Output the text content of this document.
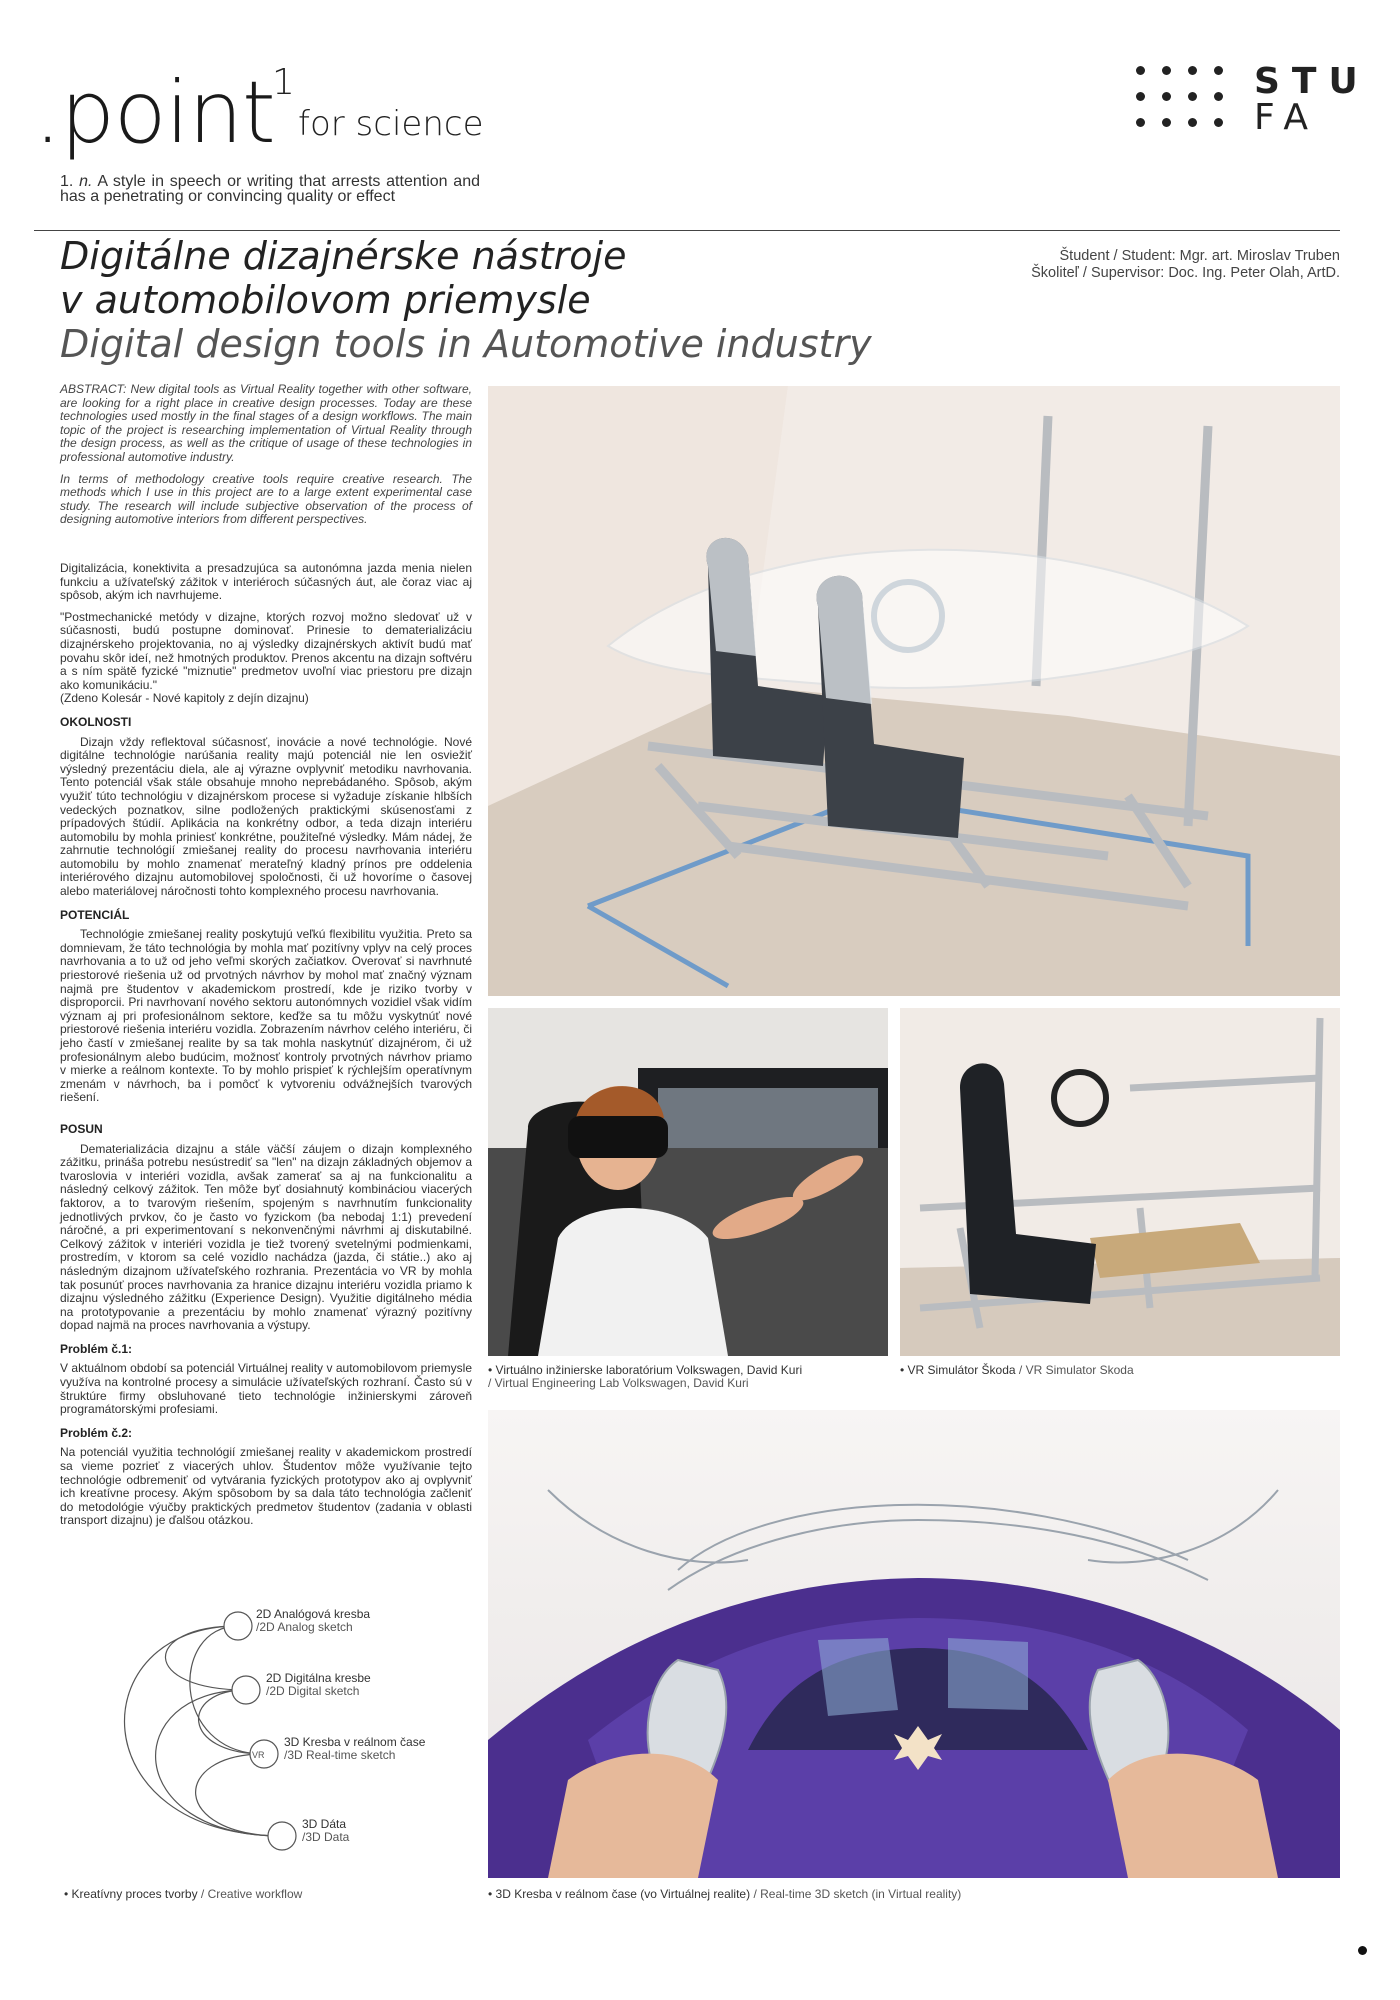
.point
1
for science
1. n. A style in speech or writing that arrests attention and has a penetrating or convincing quality or effect
STU
FA
Digitálne dizajnérske nástroje
v automobilovom priemysle
Digital design tools in Automotive industry
Študent / Student: Mgr. art. Miroslav Truben
Školiteľ / Supervisor: Doc. Ing. Peter Olah, ArtD.

ABSTRACT: New digital tools as Virtual Reality together with other software, are looking for a right place in creative design processes. Today are these technologies used mostly in the final stages of a design workflows. The main topic of the project is researching implementation of Virtual Reality through the design process, as well as the critique of usage of these technologies in professional automotive industry.

In terms of methodology creative tools require creative research. The methods which I use in this project are to a large extent experimental case study. The research will include subjective observation of the process of designing automotive interiors from different perspectives.

Digitalizácia, konektivita a presadzujúca sa autonómna jazda menia nielen funkciu a užívateľský zážitok v interiéroch súčasných áut, ale čoraz viac aj spôsob, akým ich navrhujeme.

"Postmechanické metódy v dizajne, ktorých rozvoj možno sledovať už v súčasnosti, budú postupne dominovať. Prinesie to dematerializáciu dizajnérskeho projektovania, no aj výsledky dizajnérskych aktivít budú mať povahu skôr ideí, než hmotných produktov. Prenos akcentu na dizajn softvéru a s ním spätě fyzické "miznutie" predmetov uvoľní viac priestoru pre dizajn ako komunikáciu."

(Zdeno Kolesár - Nové kapitoly z dejín dizajnu)

OKOLNOSTI

Dizajn vždy reflektoval súčasnosť, inovácie a nové technológie. Nové digitálne technológie narúšania reality majú potenciál nie len osviežiť výsledný prezentáciu diela, ale aj výrazne ovplyvniť metodiku navrhovania. Tento potenciál však stále obsahuje mnoho neprebádaného. Spôsob, akým využiť túto technológiu v dizajnérskom procese si vyžaduje získanie hlbších vedeckých poznatkov, silne podložených praktickými skúsenosťami z prípadových štúdií. Aplikácia na konkrétny odbor, a teda dizajn interiéru automobilu by mohla priniesť konkrétne, použiteľné výsledky. Mám nádej, že zahrnutie technológií zmiešanej reality do procesu navrhovania interiéru automobilu by mohlo znamenať merateľný kladný prínos pre oddelenia interiérového dizajnu automobilovej spoločnosti, či už hovoríme o časovej alebo materiálovej náročnosti tohto komplexného procesu navrhovania.

POTENCIÁL

Technológie zmiešanej reality poskytujú veľkú flexibilitu využitia. Preto sa domnievam, že táto technológia by mohla mať pozitívny vplyv na celý proces navrhovania a to už od jeho veľmi skorých začiatkov. Overovať si navrhnuté priestorové riešenia už od prvotných návrhov by mohol mať značný význam najmä pre študentov v akademickom prostredí, kde je riziko tvorby v disproporcii. Pri navrhovaní nového sektoru autonómnych vozidiel však vidím význam aj pri profesionálnom sektore, keďže sa tu môžu vyskytnúť nové priestorové riešenia interiéru vozidla. Zobrazením návrhov celého interiéru, či jeho častí v zmiešanej realite by sa tak mohla naskytnúť dizajnérom, či už profesionálnym alebo budúcim, možnosť kontroly prvotných návrhov priamo v mierke a reálnom kontexte. To by mohlo prispieť k rýchlejším operatívnym zmenám v návrhoch, ba i pomôcť k vytvoreniu odvážnejších tvarových riešení.

POSUN

Dematerializácia dizajnu a stále väčší záujem o dizajn komplexného zážitku, prináša potrebu nesústrediť sa "len" na dizajn základných objemov a tvaroslovia v interiéri vozidla, avšak zamerať sa aj na funkcionalitu a následný celkový zážitok. Ten môže byť dosiahnutý kombináciou viacerých faktorov, a to tvarovým riešením, spojeným s navrhnutím funkcionality jednotlivých prvkov, čo je často vo fyzickom (ba nebodaj 1:1) prevedení náročné, a pri experimentovaní s nekonvenčnými návrhmi aj diskutabilné. Celkový zážitok v interiéri vozidla je tiež tvorený svetelnými podmienkami, prostredím, v ktorom sa celé vozidlo nachádza (jazda, či státie..) ako aj následným dizajnom užívateľského rozhrania. Prezentácia vo VR by mohla tak posunúť proces navrhovania za hranice dizajnu interiéru vozidla priamo k dizajnu výsledného zážitku (Experience Design). Využitie digitálneho média na prototypovanie a prezentáciu by mohlo znamenať výrazný pozitívny dopad najmä na proces navrhovania a výstupy.

Problém č.1:

V aktuálnom období sa potenciál Virtuálnej reality v automobilovom priemysle využíva na kontrolné procesy a simulácie užívateľských rozhraní. Často sú v štruktúre firmy obsluhované tieto technológie inžinierskymi zároveň programátorskými profesiami.

Problém č.2:

Na potenciál využitia technológií zmiešanej reality v akademickom prostredí sa vieme pozrieť z viacerých uhlov. Študentov môže využívanie tejto technológie odbremeniť od vytvárania fyzických prototypov ako aj ovplyvniť ich kreatívne procesy. Akým spôsobom by sa dala táto technológia začleniť do metodológie výučby praktických predmetov študentov (zadania v oblasti transport dizajnu) je ďalšou otázkou.

• Virtuálno inžinierske laboratórium Volkswagen, David Kuri
/ Virtual Engineering Lab Volkswagen, David Kuri
• VR Simulátor Škoda / VR Simulator Skoda
2D Analógová kresba
/2D Analog sketch
2D Digitálna kresbe
/2D Digital sketch
VR
3D Kresba v reálnom čase
/3D Real-time sketch
3D Dáta
/3D Data
• Kreatívny proces tvorby / Creative workflow	• 3D Kresba v reálnom čase (vo Virtuálnej realite) / Real-time 3D sketch (in Virtual reality)
